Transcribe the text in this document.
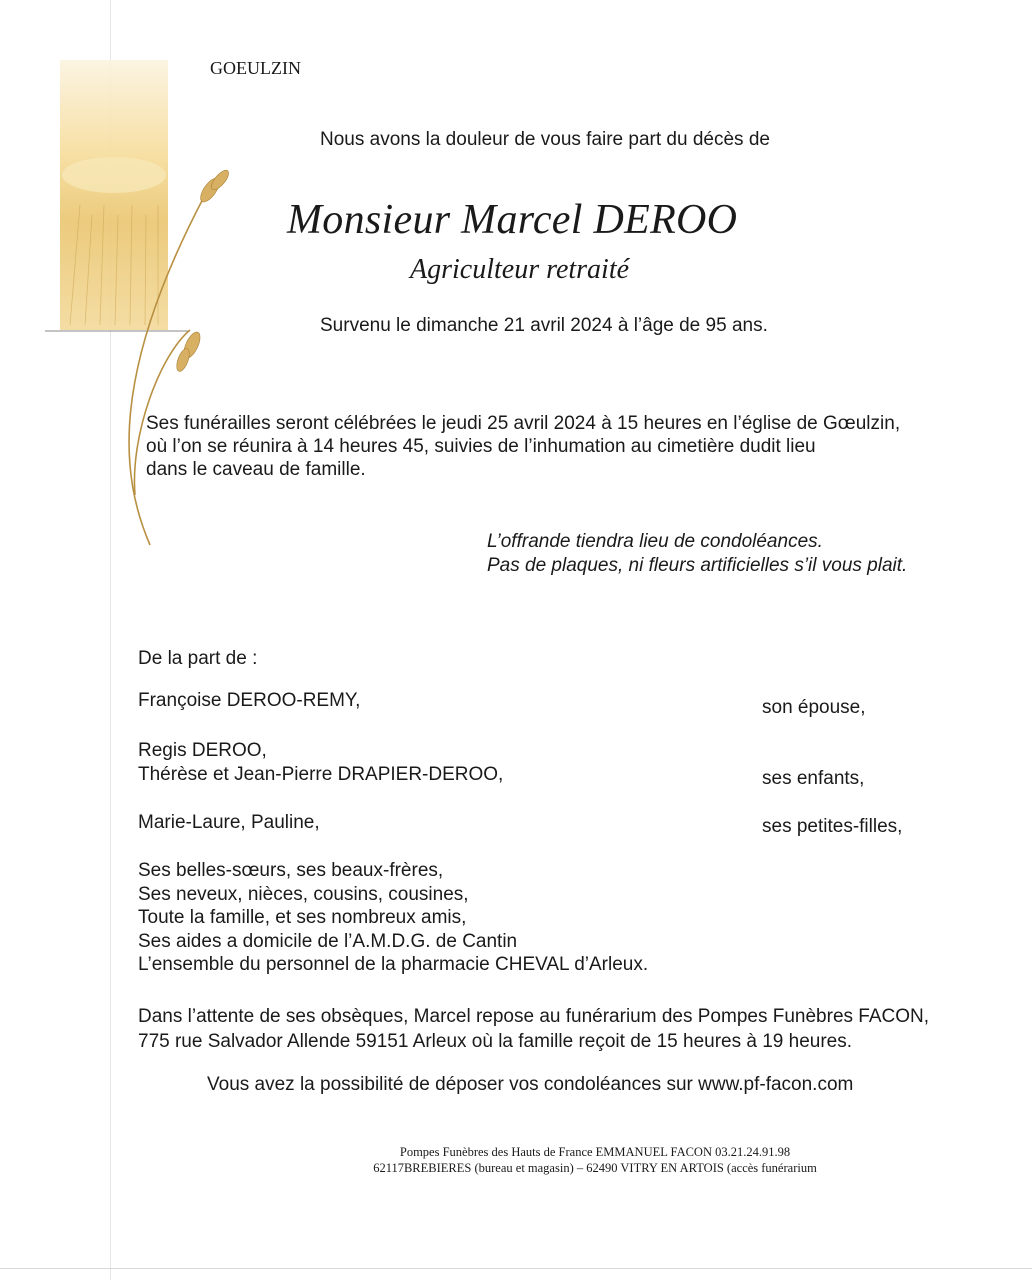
GOEULZIN
Nous avons la douleur de vous faire part du décès de
Monsieur Marcel DEROO
Agriculteur retraité
Survenu le dimanche 21 avril 2024 à l’âge de 95 ans.
Ses funérailles seront célébrées le jeudi 25 avril 2024 à 15 heures en l’église de Gœulzin,
où l’on se réunira à 14 heures 45, suivies de l’inhumation au cimetière dudit lieu
dans le caveau de famille.
L’offrande tiendra lieu de condoléances.
Pas de plaques, ni fleurs artificielles s’il vous plait.
De la part de :
Françoise DEROO-REMY,	son épouse,
Regis DEROO,
Thérèse et Jean-Pierre DRAPIER-DEROO,	ses enfants,
Marie-Laure, Pauline,	ses petites-filles,
Ses belles-sœurs, ses beaux-frères,
Ses neveux, nièces, cousins, cousines,
Toute la famille, et ses nombreux amis,
Ses aides a domicile de l’A.M.D.G. de Cantin
L’ensemble du personnel de la pharmacie CHEVAL d’Arleux.
Dans l’attente de ses obsèques, Marcel repose au funérarium des Pompes Funèbres FACON,
775 rue Salvador Allende 59151 Arleux où la famille reçoit de 15 heures à 19 heures.
Vous avez la possibilité de déposer vos condoléances sur www.pf-facon.com
Pompes Funèbres des Hauts de France EMMANUEL FACON 03.21.24.91.98
62117BREBIERES (bureau et magasin) – 62490 VITRY EN ARTOIS (accès funérarium
